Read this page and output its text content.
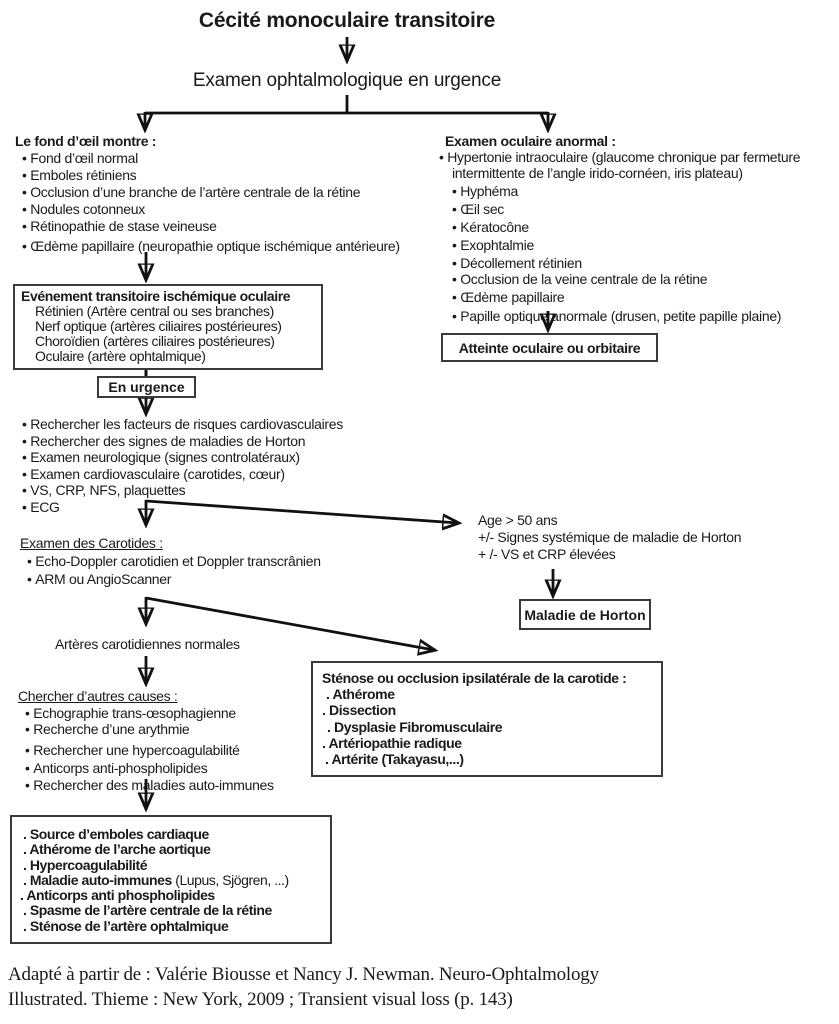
Cécité monoculaire transitoire
Examen ophtalmologique en urgence
Le fond d’œil montre :
• Fond d’œil normal
• Emboles rétiniens
• Occlusion d’une branche de l’artère centrale de la rétine
• Nodules cotonneux
• Rétinopathie de stase veineuse
• Œdème papillaire (neuropathie optique ischémique antérieure)
Examen oculaire anormal :
• Hypertonie intraoculaire (glaucome chronique par fermeture intermittente de l’angle irido-cornéen, iris plateau)
• Hyphéma
• Œil sec
• Kératocône
• Exophtalmie
• Décollement rétinien
• Occlusion de la veine centrale de la rétine
• Œdème papillaire
• Papille optique anormale (drusen, petite papille plaine)
Atteinte oculaire ou orbitaire
Evénement transitoire ischémique oculaire
Rétinien (Artère central ou ses branches)
Nerf optique (artères ciliaires postérieures)
Choroïdien (artères ciliaires postérieures)
Oculaire (artère ophtalmique)
En urgence
• Rechercher les facteurs de risques cardiovasculaires
• Rechercher des signes de maladies de Horton
• Examen neurologique (signes controlatéraux)
• Examen cardiovasculaire (carotides, cœur)
• VS, CRP, NFS, plaquettes
• ECG
Age > 50 ans
+/- Signes systémique de maladie de Horton
+ /- VS et CRP élevées
Maladie de Horton
Examen des Carotides :
• Echo-Doppler carotidien et Doppler transcrânien
• ARM ou AngioScanner
Artères carotidiennes normales
Sténose ou occlusion ipsilatérale de la carotide :
. Athérome
. Dissection
. Dysplasie Fibromusculaire
. Artériopathie radique
. Artérite (Takayasu,...)
Chercher d’autres causes :
• Echographie trans-œsophagienne
• Recherche d’une arythmie
• Rechercher une hypercoagulabilité
• Anticorps anti-phospholipides
• Rechercher des maladies auto-immunes
. Source d’emboles cardiaque
. Athérome de l’arche aortique
. Hypercoagulabilité
. Maladie auto-immunes (Lupus, Sjögren, ...)
. Anticorps anti phospholipides
. Spasme de l’artère centrale de la rétine
. Sténose de l’artère ophtalmique
Adapté à partir de : Valérie Biousse et Nancy J. Newman. Neuro-Ophtalmology
Illustrated. Thieme : New York, 2009 ; Transient visual loss (p. 143)
